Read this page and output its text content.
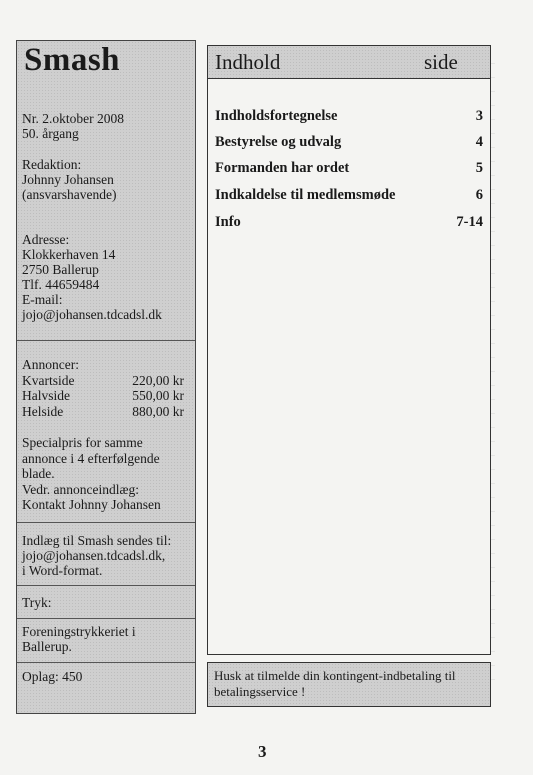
Smash
Nr. 2.oktober 2008
50. årgang
Redaktion:
Johnny Johansen
(ansvarshavende)
Adresse:
Klokkerhaven 14
2750 Ballerup
Tlf. 44659484
E-mail:
jojo@johansen.tdcadsl.dk
Annoncer:
Kvartside	220,00 kr
Halvside	550,00 kr
Helside	880,00 kr
Specialpris for samme
annonce i 4 efterfølgende
blade.
Vedr. annonceindlæg:
Kontakt Johnny Johansen
Indlæg til Smash sendes til:
jojo@johansen.tdcadsl.dk,
i Word-format.
Tryk:
Foreningstrykkeriet i
Ballerup.
Oplag: 450
Indhold	side
Indholdsfortegnelse	3
Bestyrelse og udvalg	4
Formanden har ordet	5
Indkaldelse til medlemsmøde	6
Info	7-14
Husk at tilmelde din kontingent-indbetaling til
betalingsservice !
3
